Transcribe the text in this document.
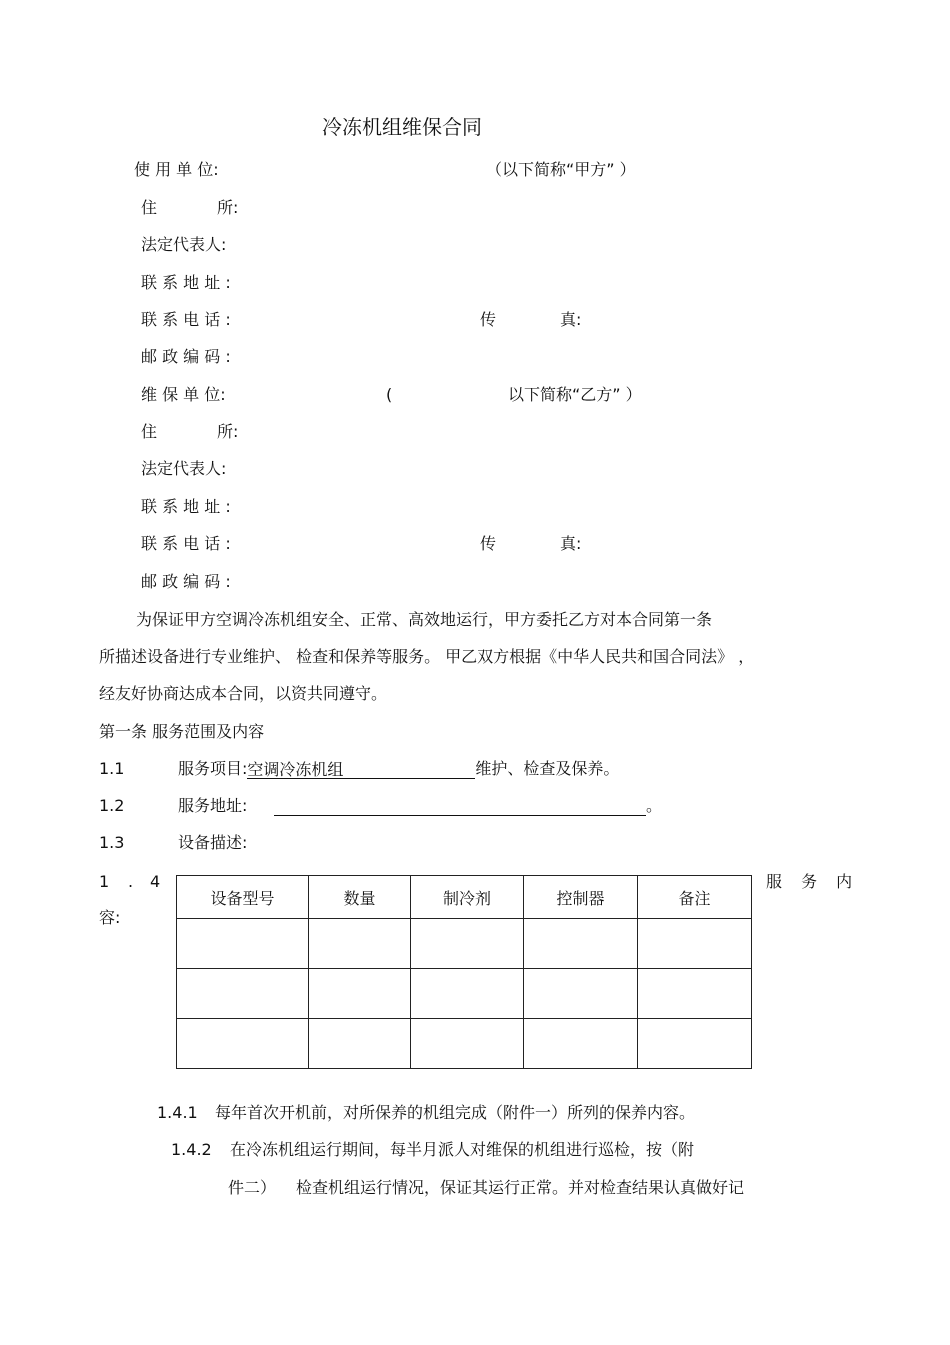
冷冻机组维保合同
使 用 单 位:	（以下简称“甲方” ）
住	所:
法定代表人:
联 系 地 址 :
联 系 电 话 :	传	真:
邮 政 编 码 :
维 保 单 位:	(	以下简称“乙方” ）
住	所:
法定代表人:
联 系 地 址 :
联 系 电 话 :	传	真:
邮 政 编 码 :
为保证甲方空调冷冻机组安全、正常、高效地运行，甲方委托乙方对本合同第一条
所描述设备进行专业维护、 检查和保养等服务。 甲乙双方根据《中华人民共和国合同法》 ，
经友好协商达成本合同，以资共同遵守。
第一条 服务范围及内容
1.1	服务项目:空调冷冻机组	维护、检查及保养。
1.2	服务地址:	。
1.3	设备描述:
1 . 4	服 务 内
容:
设备型号	数量	制冷剂	控制器	备注

1.4.1 每年首次开机前，对所保养的机组完成（附件一）所列的保养内容。
1.4.2 在冷冻机组运行期间，每半月派人对维保的机组进行巡检，按（附
件二） 检查机组运行情况，保证其运行正常。并对检查结果认真做好记
